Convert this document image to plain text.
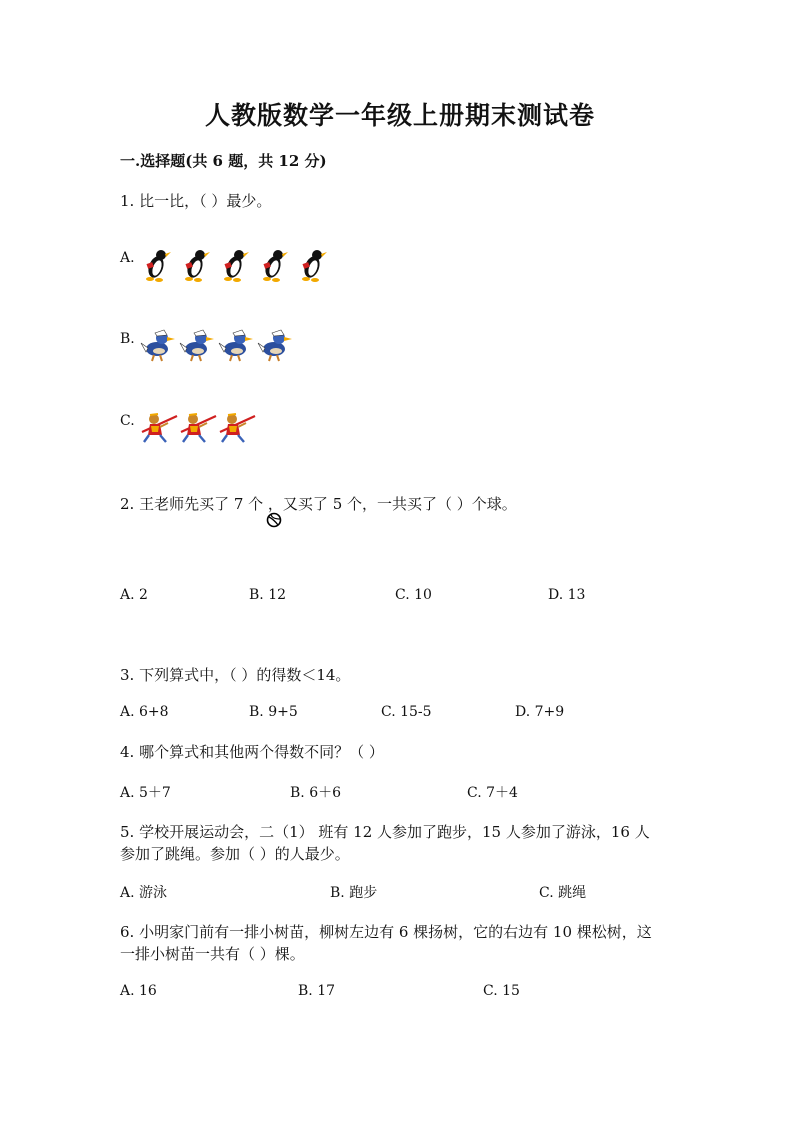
人教版数学一年级上册期末测试卷
一.选择题(共 6 题，共 12 分)
1. 比一比，（ ）最少。
A.
B.
C.
2. 王老师先买了 7 个 ，又买了 5 个，一共买了（ ）个球。
A. 2	B. 12	C. 10	D. 13
3. 下列算式中，（ ）的得数＜14。
A. 6+8	B. 9+5	C. 15-5	D. 7+9
4. 哪个算式和其他两个得数不同？（ ）
A. 5＋7	B. 6＋6	C. 7＋4
5. 学校开展运动会，二（1） 班有 12 人参加了跑步，15 人参加了游泳，16 人
参加了跳绳。参加（ ）的人最少。
A. 游泳	B. 跑步	C. 跳绳
6. 小明家门前有一排小树苗，柳树左边有 6 棵扬树，它的右边有 10 棵松树，这
一排小树苗一共有（ ）棵。
A. 16	B. 17	C. 15
